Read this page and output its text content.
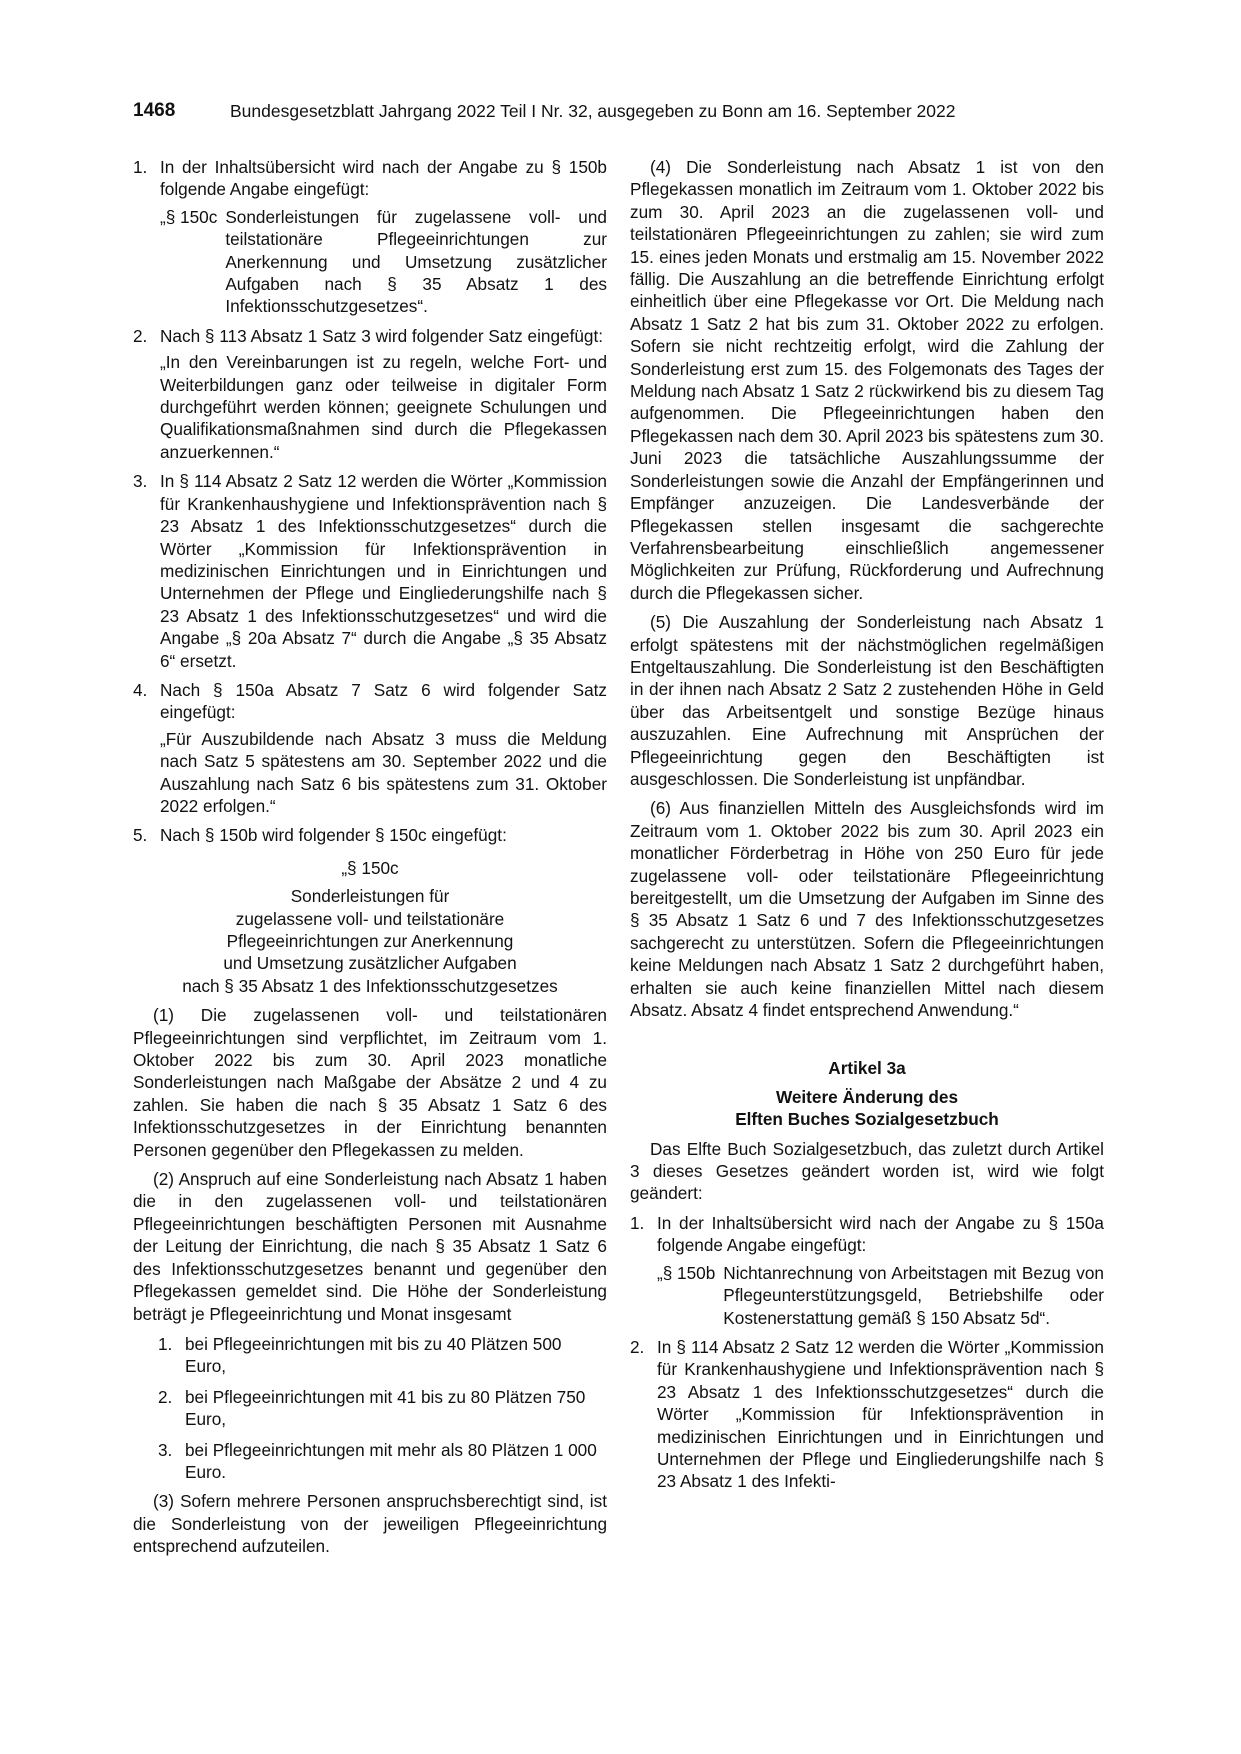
1468	Bundesgesetzblatt Jahrgang 2022 Teil I Nr. 32, ausgegeben zu Bonn am 16. September 2022
1. In der Inhaltsübersicht wird nach der Angabe zu § 150b folgende Angabe eingefügt:

„§ 150c Sonderleistungen für zugelassene voll- und teilstationäre Pflegeeinrichtungen zur Anerkennung und Umsetzung zusätzlicher Aufgaben nach § 35 Absatz 1 des Infektionsschutzgesetzes“.
2. Nach § 113 Absatz 1 Satz 3 wird folgender Satz eingefügt:

„In den Vereinbarungen ist zu regeln, welche Fort- und Weiterbildungen ganz oder teilweise in digitaler Form durchgeführt werden können; geeignete Schulungen und Qualifikationsmaßnahmen sind durch die Pflegekassen anzuerkennen.“

3. In § 114 Absatz 2 Satz 12 werden die Wörter „Kommission für Krankenhaushygiene und Infektionsprävention nach § 23 Absatz 1 des Infektionsschutzgesetzes“ durch die Wörter „Kommission für Infektionsprävention in medizinischen Einrichtungen und in Einrichtungen und Unternehmen der Pflege und Eingliederungshilfe nach § 23 Absatz 1 des Infektionsschutzgesetzes“ und wird die Angabe „§ 20a Absatz 7“ durch die Angabe „§ 35 Absatz 6“ ersetzt.

4. Nach § 150a Absatz 7 Satz 6 wird folgender Satz eingefügt:

„Für Auszubildende nach Absatz 3 muss die Meldung nach Satz 5 spätestens am 30. September 2022 und die Auszahlung nach Satz 6 bis spätestens zum 31. Oktober 2022 erfolgen.“

5. Nach § 150b wird folgender § 150c eingefügt:

„§ 150c
Sonderleistungen für
zugelassene voll- und teilstationäre
Pflegeeinrichtungen zur Anerkennung
und Umsetzung zusätzlicher Aufgaben
nach § 35 Absatz 1 des Infektionsschutzgesetzes

(1) Die zugelassenen voll- und teilstationären Pflegeeinrichtungen sind verpflichtet, im Zeitraum vom 1. Oktober 2022 bis zum 30. April 2023 monatliche Sonderleistungen nach Maßgabe der Absätze 2 und 4 zu zahlen. Sie haben die nach § 35 Absatz 1 Satz 6 des Infektionsschutzgesetzes in der Einrichtung benannten Personen gegenüber den Pflegekassen zu melden.

(2) Anspruch auf eine Sonderleistung nach Absatz 1 haben die in den zugelassenen voll- und teilstationären Pflegeeinrichtungen beschäftigten Personen mit Ausnahme der Leitung der Einrichtung, die nach § 35 Absatz 1 Satz 6 des Infektionsschutzgesetzes benannt und gegenüber den Pflegekassen gemeldet sind. Die Höhe der Sonderleistung beträgt je Pflegeeinrichtung und Monat insgesamt

1. bei Pflegeeinrichtungen mit bis zu 40 Plätzen 500 Euro,
2. bei Pflegeeinrichtungen mit 41 bis zu 80 Plätzen 750 Euro,
3. bei Pflegeeinrichtungen mit mehr als 80 Plätzen 1 000 Euro.

(3) Sofern mehrere Personen anspruchsberechtigt sind, ist die Sonderleistung von der jeweiligen Pflegeeinrichtung entsprechend aufzuteilen.

(4) Die Sonderleistung nach Absatz 1 ist von den Pflegekassen monatlich im Zeitraum vom 1. Oktober 2022 bis zum 30. April 2023 an die zugelassenen voll- und teilstationären Pflegeeinrichtungen zu zahlen; sie wird zum 15. eines jeden Monats und erstmalig am 15. November 2022 fällig. Die Auszahlung an die betreffende Einrichtung erfolgt einheitlich über eine Pflegekasse vor Ort. Die Meldung nach Absatz 1 Satz 2 hat bis zum 31. Oktober 2022 zu erfolgen. Sofern sie nicht rechtzeitig erfolgt, wird die Zahlung der Sonderleistung erst zum 15. des Folgemonats des Tages der Meldung nach Absatz 1 Satz 2 rückwirkend bis zu diesem Tag aufgenommen. Die Pflegeeinrichtungen haben den Pflegekassen nach dem 30. April 2023 bis spätestens zum 30. Juni 2023 die tatsächliche Auszahlungssumme der Sonderleistungen sowie die Anzahl der Empfängerinnen und Empfänger anzuzeigen. Die Landesverbände der Pflegekassen stellen insgesamt die sachgerechte Verfahrensbearbeitung einschließlich angemessener Möglichkeiten zur Prüfung, Rückforderung und Aufrechnung durch die Pflegekassen sicher.

(5) Die Auszahlung der Sonderleistung nach Absatz 1 erfolgt spätestens mit der nächstmöglichen regelmäßigen Entgeltauszahlung. Die Sonderleistung ist den Beschäftigten in der ihnen nach Absatz 2 Satz 2 zustehenden Höhe in Geld über das Arbeitsentgelt und sonstige Bezüge hinaus auszuzahlen. Eine Aufrechnung mit Ansprüchen der Pflegeeinrichtung gegen den Beschäftigten ist ausgeschlossen. Die Sonderleistung ist unpfändbar.

(6) Aus finanziellen Mitteln des Ausgleichsfonds wird im Zeitraum vom 1. Oktober 2022 bis zum 30. April 2023 ein monatlicher Förderbetrag in Höhe von 250 Euro für jede zugelassene voll- oder teilstationäre Pflegeeinrichtung bereitgestellt, um die Umsetzung der Aufgaben im Sinne des § 35 Absatz 1 Satz 6 und 7 des Infektionsschutzgesetzes sachgerecht zu unterstützen. Sofern die Pflegeeinrichtungen keine Meldungen nach Absatz 1 Satz 2 durchgeführt haben, erhalten sie auch keine finanziellen Mittel nach diesem Absatz. Absatz 4 findet entsprechend Anwendung.“

Artikel 3a
Weitere Änderung des
Elften Buches Sozialgesetzbuch

Das Elfte Buch Sozialgesetzbuch, das zuletzt durch Artikel 3 dieses Gesetzes geändert worden ist, wird wie folgt geändert:

1. In der Inhaltsübersicht wird nach der Angabe zu § 150a folgende Angabe eingefügt:

„§ 150b Nichtanrechnung von Arbeitstagen mit Bezug von Pflegeunterstützungsgeld, Betriebshilfe oder Kostenerstattung gemäß § 150 Absatz 5d“.
2. In § 114 Absatz 2 Satz 12 werden die Wörter „Kommission für Krankenhaushygiene und Infektionsprävention nach § 23 Absatz 1 des Infektionsschutzgesetzes“ durch die Wörter „Kommission für Infektionsprävention in medizinischen Einrichtungen und in Einrichtungen und Unternehmen der Pflege und Eingliederungshilfe nach § 23 Absatz 1 des Infekti-
